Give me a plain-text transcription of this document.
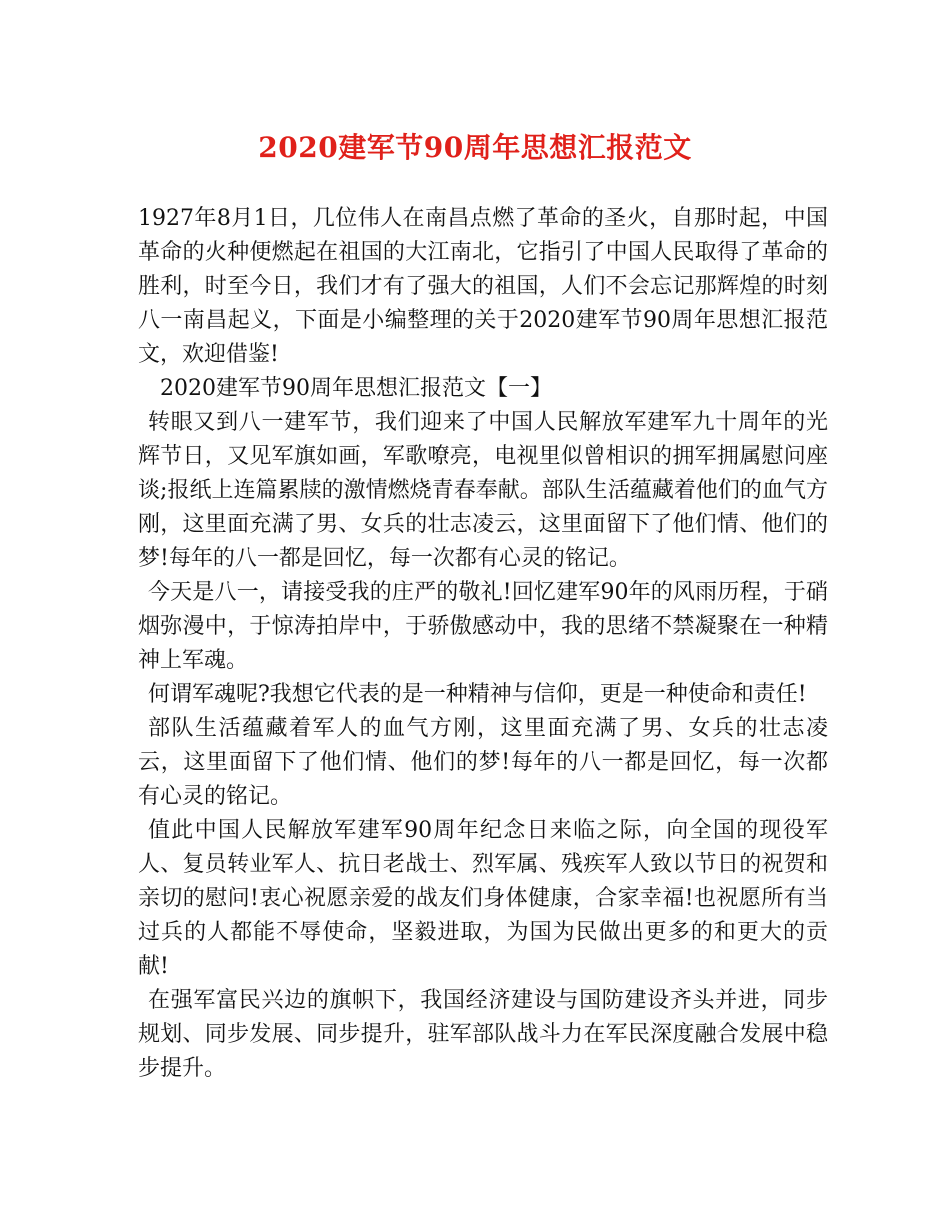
2020建军节90周年思想汇报范文

1927年8月1日，几位伟人在南昌点燃了革命的圣火，自那时起，中国革命的火种便燃起在祖国的大江南北，它指引了中国人民取得了革命的胜利，时至今日，我们才有了强大的祖国，人们不会忘记那辉煌的时刻八一南昌起义，下面是小编整理的关于2020建军节90周年思想汇报范文，欢迎借鉴!

2020建军节90周年思想汇报范文【一】

转眼又到八一建军节，我们迎来了中国人民解放军建军九十周年的光辉节日，又见军旗如画，军歌嘹亮，电视里似曾相识的拥军拥属慰问座谈;报纸上连篇累牍的激情燃烧青春奉献。部队生活蕴藏着他们的血气方刚，这里面充满了男、女兵的壮志凌云，这里面留下了他们情、他们的梦!每年的八一都是回忆，每一次都有心灵的铭记。

今天是八一，请接受我的庄严的敬礼!回忆建军90年的风雨历程，于硝烟弥漫中，于惊涛拍岸中，于骄傲感动中，我的思绪不禁凝聚在一种精神上军魂。

何谓军魂呢?我想它代表的是一种精神与信仰，更是一种使命和责任!

部队生活蕴藏着军人的血气方刚，这里面充满了男、女兵的壮志凌云，这里面留下了他们情、他们的梦!每年的八一都是回忆，每一次都有心灵的铭记。

值此中国人民解放军建军90周年纪念日来临之际，向全国的现役军人、复员转业军人、抗日老战士、烈军属、残疾军人致以节日的祝贺和亲切的慰问!衷心祝愿亲爱的战友们身体健康，合家幸福!也祝愿所有当过兵的人都能不辱使命，坚毅进取，为国为民做出更多的和更大的贡献!

在强军富民兴边的旗帜下，我国经济建设与国防建设齐头并进，同步规划、同步发展、同步提升，驻军部队战斗力在军民深度融合发展中稳步提升。
